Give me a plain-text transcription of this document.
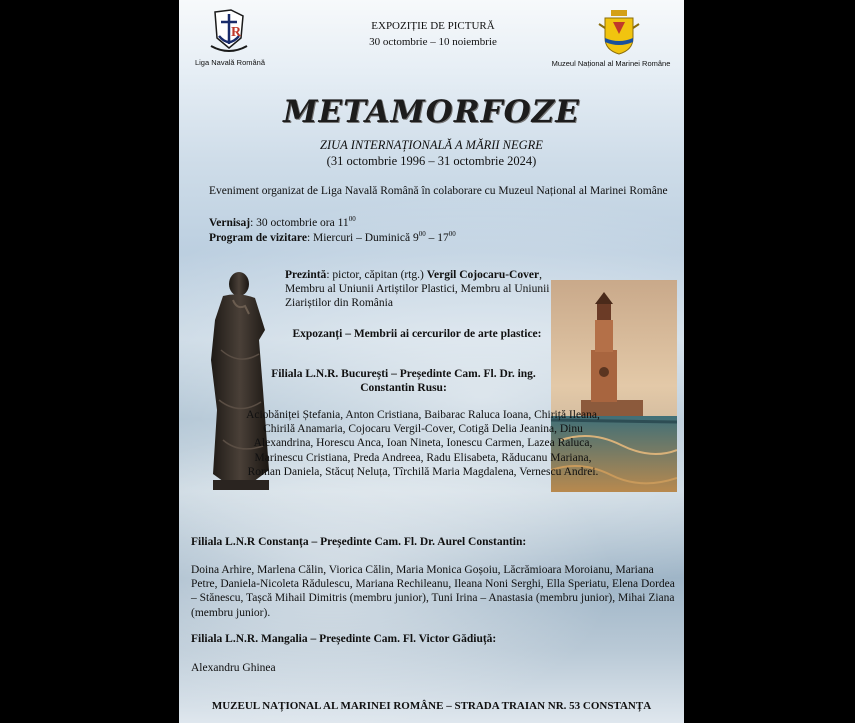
R
Liga Navală Română	Muzeul Național al Marinei Române
EXPOZIȚIE DE PICTURĂ
30 octombrie – 10 noiembrie
METAMORFOZE
ZIUA INTERNAȚIONALĂ A MĂRII NEGRE
(31 octombrie 1996 – 31 octombrie 2024)
Eveniment organizat de Liga Navală Română în colaborare cu Muzeul Național al Marinei Române
Vernisaj: 30 octombrie ora $11^{00}$
Program de vizitare: Miercuri – Duminică $9^{00} - 17^{00}$
Prezintă: pictor, căpitan (rtg.) Vergil Cojocaru-Cover, Membru al Uniunii Artiștilor Plastici, Membru al Uniunii Ziariștilor din România
Expozanți – Membrii ai cercurilor de arte plastice:
Filiala L.N.R. București – Președinte Cam. Fl. Dr. ing. Constantin Rusu:
Aciobăniței Ștefania, Anton Cristiana, Baibarac Raluca Ioana, Chiriță Ileana, Chirilă Anamaria, Cojocaru Vergil-Cover, Cotigă Delia Jeanina, Dinu Alexandrina, Horescu Anca, Ioan Nineta, Ionescu Carmen, Lazea Raluca, Marinescu Cristiana, Preda Andreea, Radu Elisabeta, Răducanu Mariana, Roman Daniela, Stăcuț Neluța, Tîrchilă Maria Magdalena, Vernescu Andrei.
Filiala L.N.R Constanța – Președinte Cam. Fl. Dr. Aurel Constantin:
Doina Arhire, Marlena Călin, Viorica Călin, Maria Monica Goșoiu, Lăcrămioara Moroianu, Mariana Petre, Daniela-Nicoleta Rădulescu, Mariana Rechileanu, Ileana Noni Serghi, Ella Speriatu, Elena Dordea – Stănescu, Tașcă Mihail Dimitris (membru junior), Tuni Irina – Anastasia (membru junior), Mihai Ziana (membru junior).
Filiala L.N.R. Mangalia – Președinte Cam. Fl. Victor Gădiuță:
Alexandru Ghinea
MUZEUL NAȚIONAL AL MARINEI ROMÂNE – STRADA TRAIAN NR. 53 CONSTANȚA
